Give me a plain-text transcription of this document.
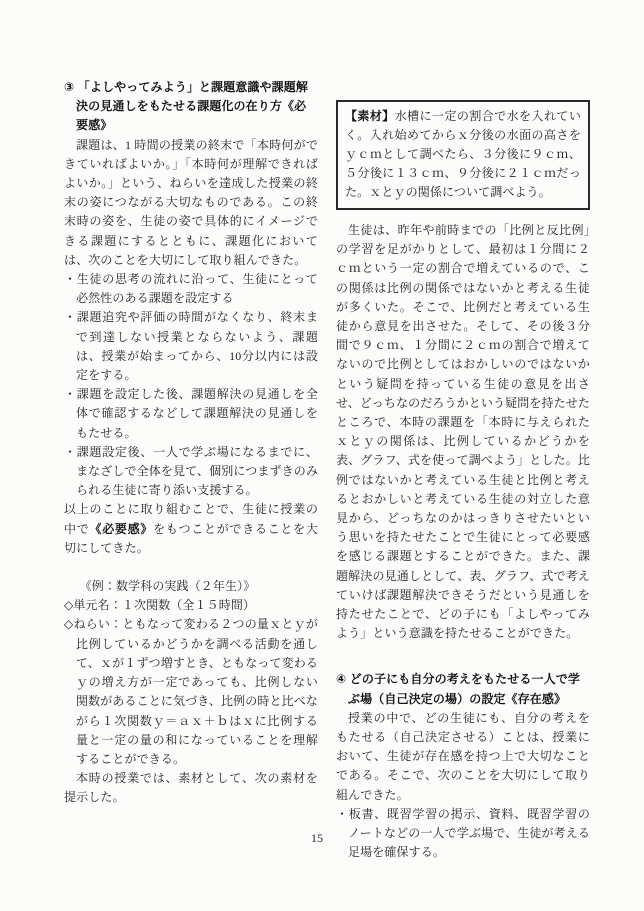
③ 「よしやってみよう」と課題意識や課題解決の見通しをもたせる課題化の在り方《必要感》

課題は、1 時間の授業の終末で「本時何ができていればよいか。」「本時何が理解できればよいか。」という、ねらいを達成した授業の終末の姿につながる大切なものである。この終末時の姿を、生徒の姿で具体的にイメージできる課題にするとともに、課題化においては、次のことを大切にして取り組んできた。

・生徒の思考の流れに沿って、生徒にとって必然性のある課題を設定する

・課題追究や評価の時間がなくなり、終末まで到達しない授業とならないよう、課題は、授業が始まってから、10分以内には設定をする。

・課題を設定した後、課題解決の見通しを全体で確認するなどして課題解決の見通しをもたせる。

・課題設定後、一人で学ぶ場になるまでに、まなざしで全体を見て、個別につまずきのみられる生徒に寄り添い支援する。

以上のことに取り組むことで、生徒に授業の中で《必要感》をもつことができることを大切にしてきた。

《例：数学科の実践（２年生）》

◇単元名：１次関数（全１５時間）

◇ねらい：ともなって変わる２つの量ｘとｙが比例しているかどうかを調べる活動を通して、ｘが１ずつ増すとき、ともなって変わるｙの増え方が一定であっても、比例しない関数があることに気づき、比例の時と比べながら１次関数ｙ＝ａｘ＋ｂはｘに比例する量と一定の量の和になっていることを理解することができる。

本時の授業では、素材として、次の素材を提示した。

【素材】水槽に一定の割合で水を入れていく。入れ始めてからｘ分後の水面の高さをｙｃｍとして調べたら、３分後に９ｃｍ、５分後に１３ｃｍ、９分後に２１ｃｍだった。ｘとｙの関係について調べよう。

生徒は、昨年や前時までの「比例と反比例」の学習を足がかりとして、最初は１分間に２ｃｍという一定の割合で増えているので、この関係は比例の関係ではないかと考える生徒が多くいた。そこで、比例だと考えている生徒から意見を出させた。そして、その後３分間で９ｃｍ、１分間に２ｃｍの割合で増えてないので比例としてはおかしいのではないかという疑問を持っている生徒の意見を出させ、どっちなのだろうかという疑問を持たせたところで、本時の課題を「本時に与えられたｘとｙの関係は、比例しているかどうかを表、グラフ、式を使って調べよう」とした。比例ではないかと考えている生徒と比例と考えるとおかしいと考えている生徒の対立した意見から、どっちなのかはっきりさせたいという思いを持たせたことで生徒にとって必要感を感じる課題とすることができた。また、課題解決の見通しとして、表、グラフ、式で考えていけば課題解決できそうだという見通しを持たせたことで、どの子にも「よしやってみよう」という意識を持たせることができた。

④ どの子にも自分の考えをもたせる一人で学ぶ場（自己決定の場）の設定《存在感》

授業の中で、どの生徒にも、自分の考えをもたせる（自己決定させる）ことは、授業において、生徒が存在感を持つ上で大切なことである。そこで、次のことを大切にして取り組んできた。

・板書、既習学習の掲示、資料、既習学習のノートなどの一人で学ぶ場で、生徒が考える足場を確保する。

15
